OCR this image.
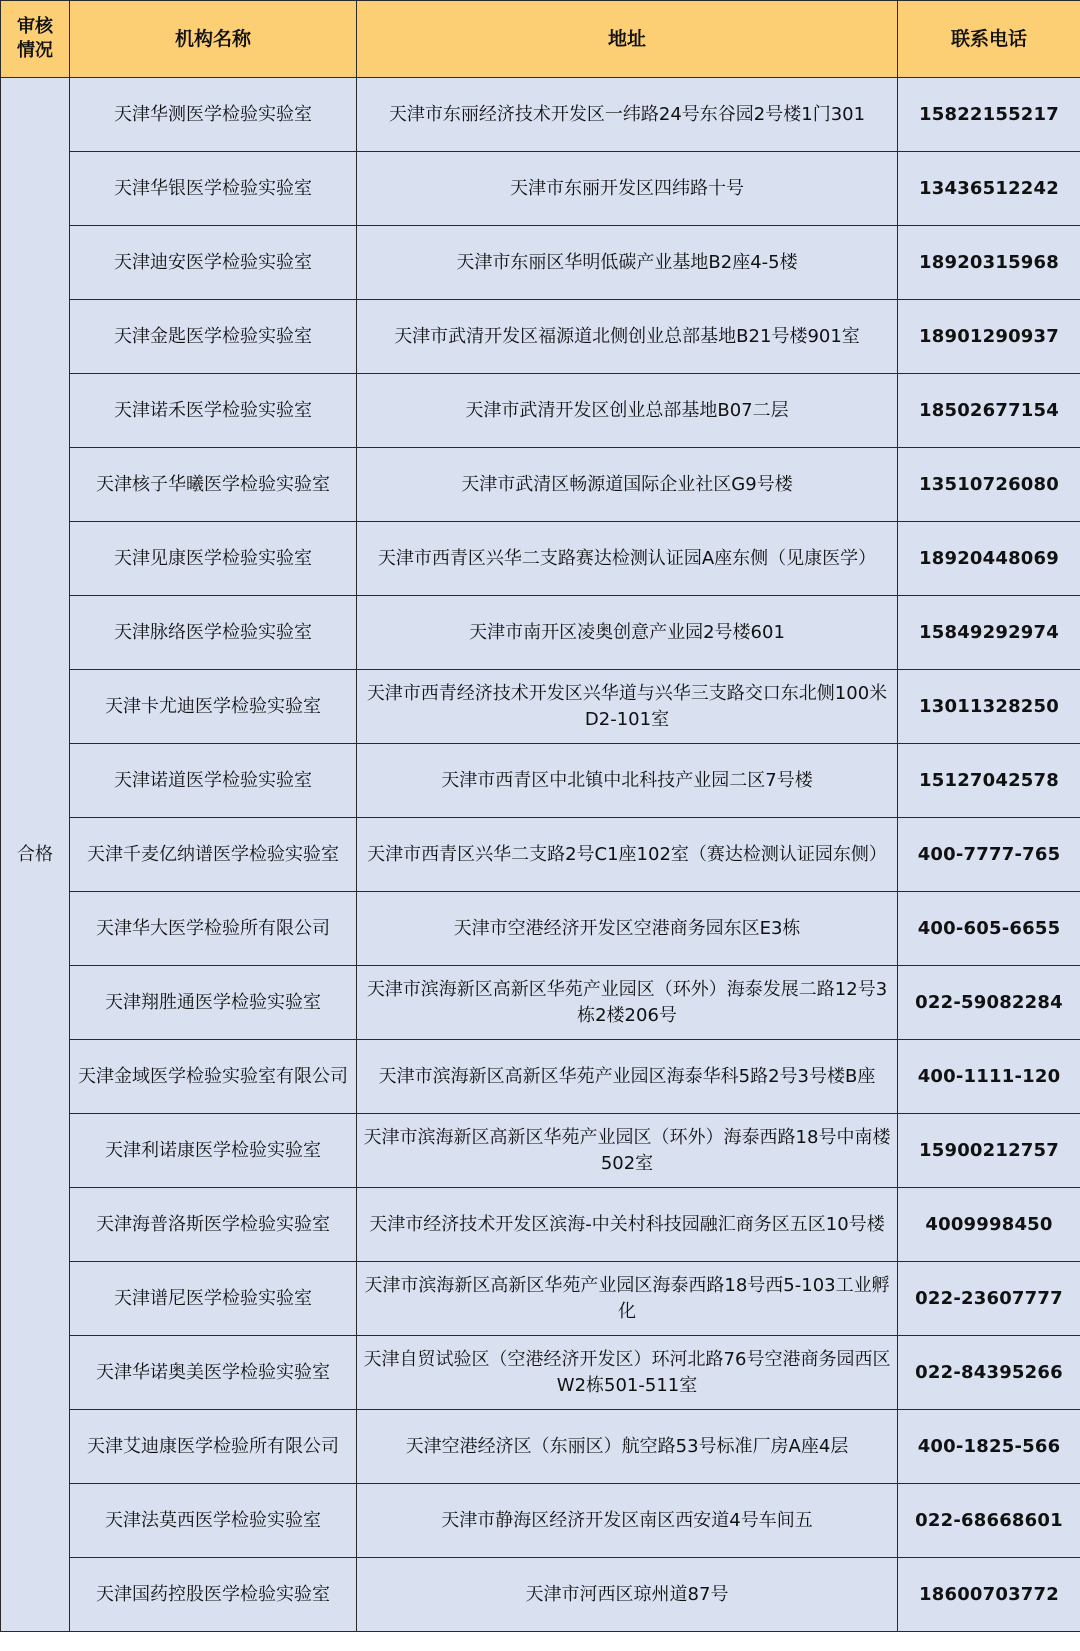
审核
情况	机构名称	地址	联系电话
合格	天津华测医学检验实验室	天津市东丽经济技术开发区一纬路24号东谷园2号楼1门301	15822155217
	天津华银医学检验实验室	天津市东丽开发区四纬路十号	13436512242
	天津迪安医学检验实验室	天津市东丽区华明低碳产业基地B2座4-5楼	18920315968
	天津金匙医学检验实验室	天津市武清开发区福源道北侧创业总部基地B21号楼901室	18901290937
	天津诺禾医学检验实验室	天津市武清开发区创业总部基地B07二层	18502677154
	天津核子华曦医学检验实验室	天津市武清区畅源道国际企业社区G9号楼	13510726080
	天津见康医学检验实验室	天津市西青区兴华二支路赛达检测认证园A座东侧（见康医学）	18920448069
	天津脉络医学检验实验室	天津市南开区凌奥创意产业园2号楼601	15849292974
	天津卡尤迪医学检验实验室	天津市西青经济技术开发区兴华道与兴华三支路交口东北侧100米D2-101室	13011328250
	天津诺道医学检验实验室	天津市西青区中北镇中北科技产业园二区7号楼	15127042578
	天津千麦亿纳谱医学检验实验室	天津市西青区兴华二支路2号C1座102室（赛达检测认证园东侧）	400-7777-765
	天津华大医学检验所有限公司	天津市空港经济开发区空港商务园东区E3栋	400-605-6655
	天津翔胜通医学检验实验室	天津市滨海新区高新区华苑产业园区（环外）海泰发展二路12号3栋2楼206号	022-59082284
	天津金域医学检验实验室有限公司	天津市滨海新区高新区华苑产业园区海泰华科5路2号3号楼B座	400-1111-120
	天津利诺康医学检验实验室	天津市滨海新区高新区华苑产业园区（环外）海泰西路18号中南楼502室	15900212757
	天津海普洛斯医学检验实验室	天津市经济技术开发区滨海-中关村科技园融汇商务区五区10号楼	4009998450
	天津谱尼医学检验实验室	天津市滨海新区高新区华苑产业园区海泰西路18号西5-103工业孵化	022-23607777
	天津华诺奥美医学检验实验室	天津自贸试验区（空港经济开发区）环河北路76号空港商务园西区W2栋501-511室	022-84395266
	天津艾迪康医学检验所有限公司	天津空港经济区（东丽区）航空路53号标准厂房A座4层	400-1825-566
	天津法莫西医学检验实验室	天津市静海区经济开发区南区西安道4号车间五	022-68668601
	天津国药控股医学检验实验室	天津市河西区琼州道87号	18600703772
